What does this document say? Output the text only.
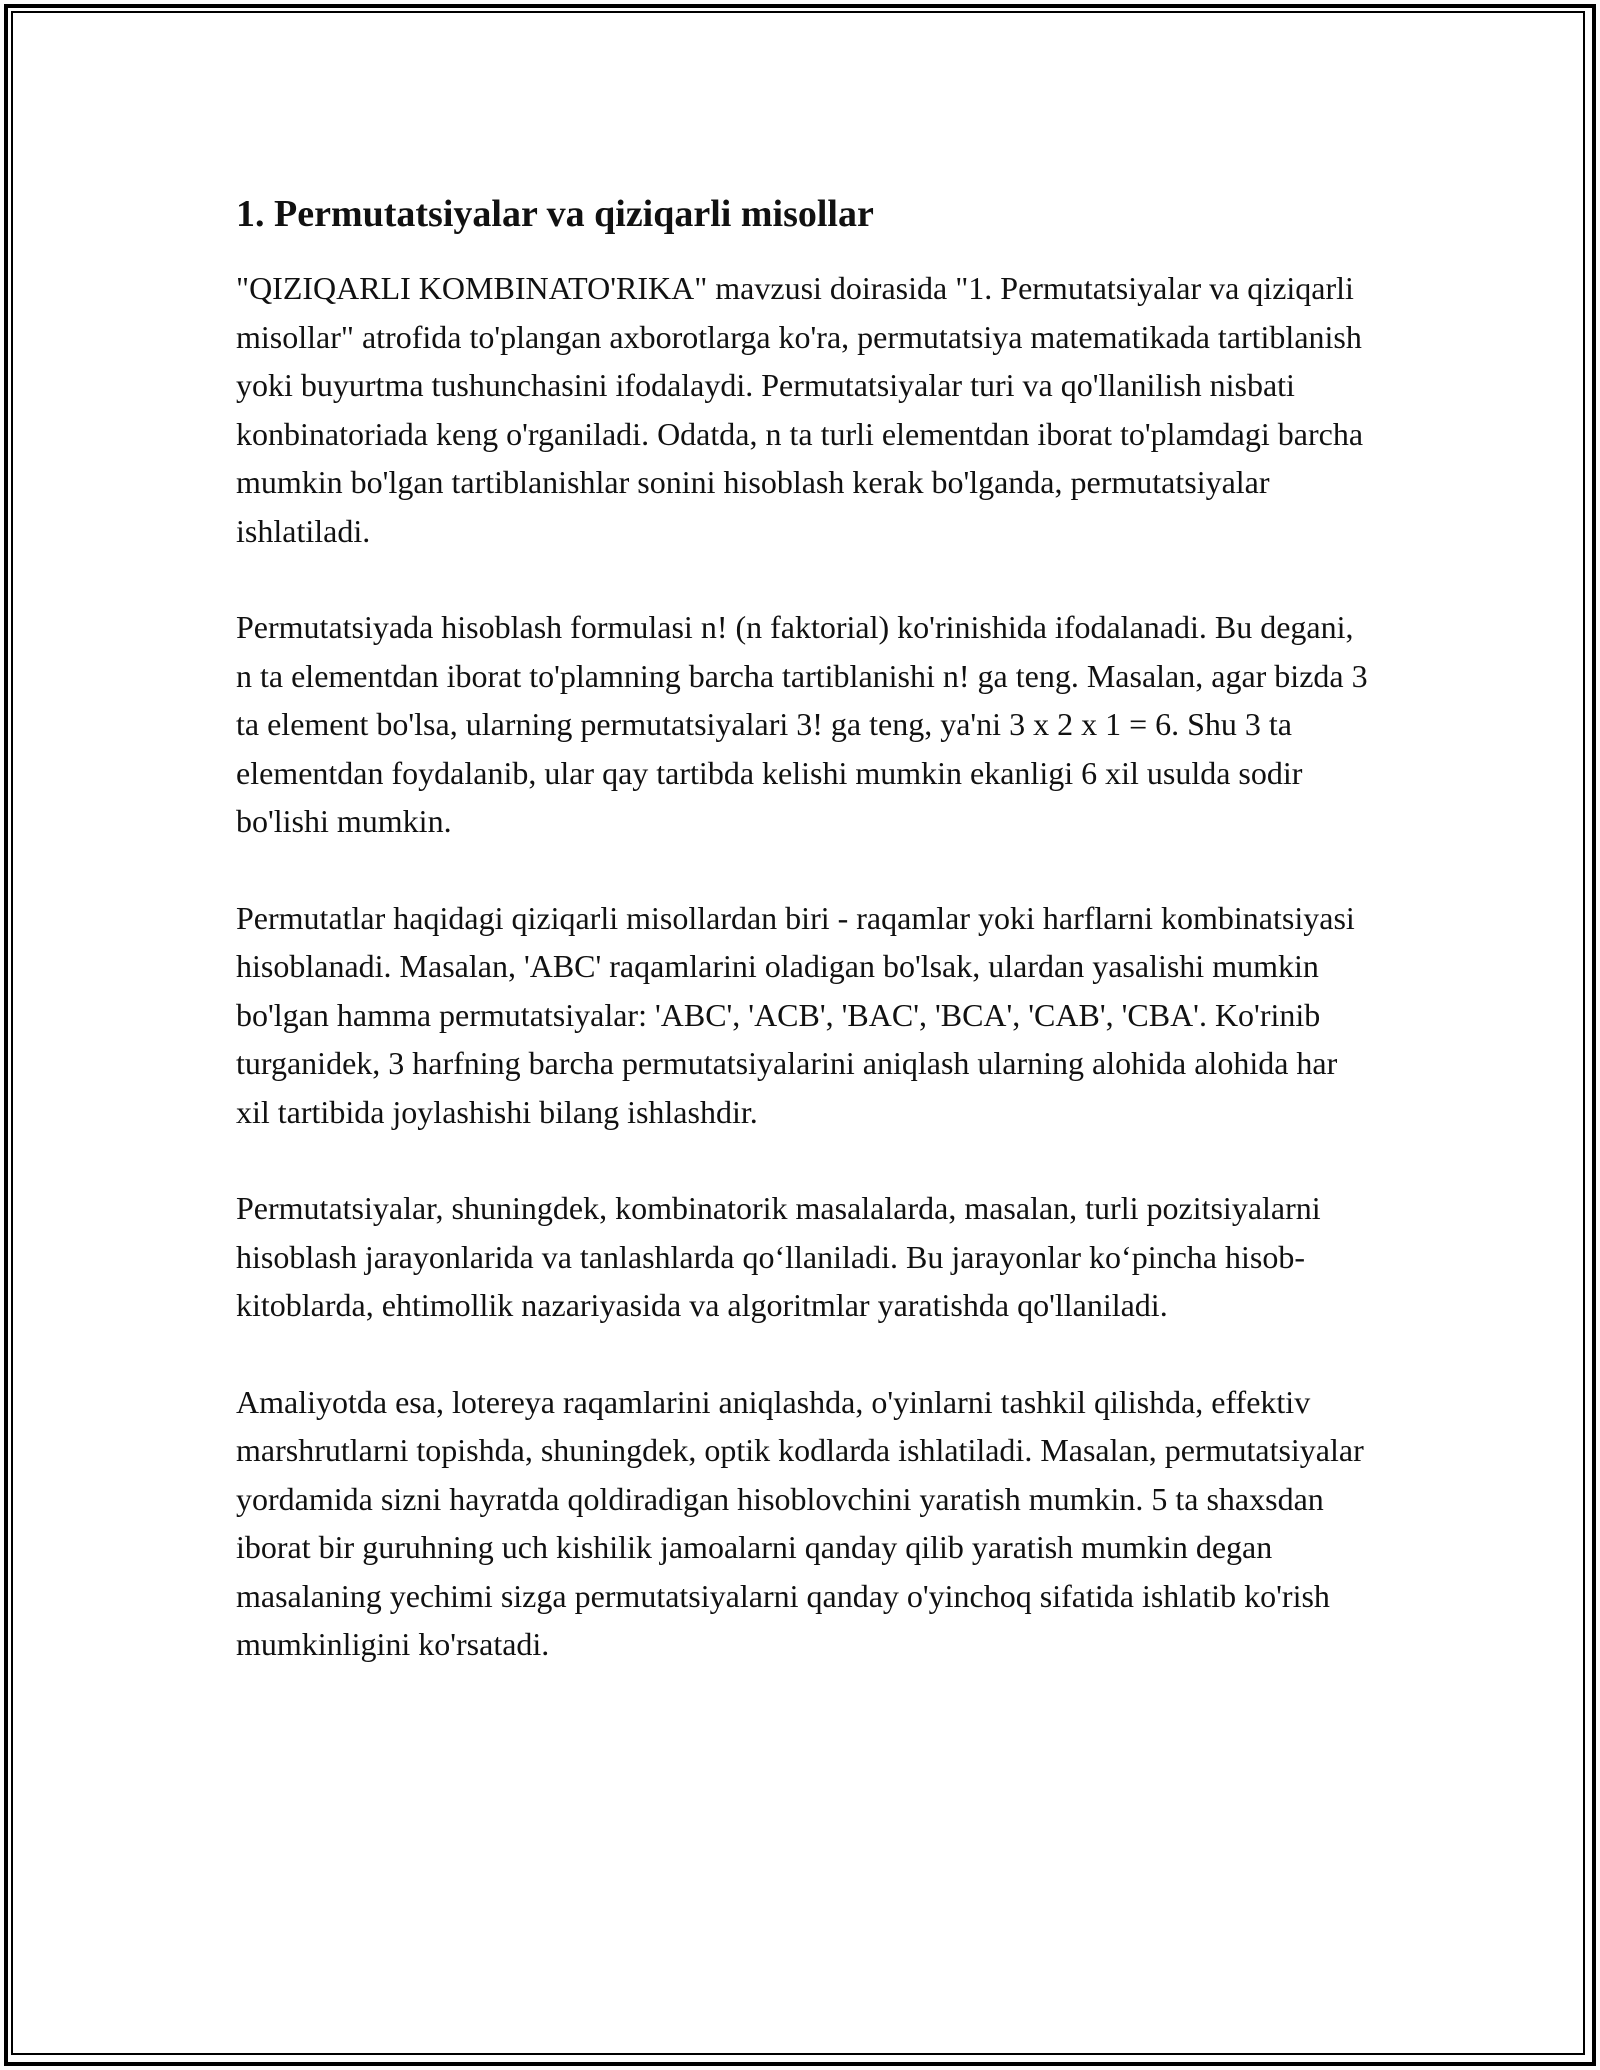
1. Permutatsiyalar va qiziqarli misollar

"QIZIQARLI KOMBINATO'RIKA" mavzusi doirasida "1. Permutatsiyalar va qiziqarli misollar" atrofida to'plangan axborotlarga ko'ra, permutatsiya matematikada tartiblanish yoki buyurtma tushunchasini ifodalaydi. Permutatsiyalar turi va qo'llanilish nisbati konbinatoriada keng o'rganiladi. Odatda, n ta turli elementdan iborat to'plamdagi barcha mumkin bo'lgan tartiblanishlar sonini hisoblash kerak bo'lganda, permutatsiyalar ishlatiladi.

Permutatsiyada hisoblash formulasi n! (n faktorial) ko'rinishida ifodalanadi. Bu degani, n ta elementdan iborat to'plamning barcha tartiblanishi n! ga teng. Masalan, agar bizda 3 ta element bo'lsa, ularning permutatsiyalari 3! ga teng, ya'ni 3 x 2 x 1 = 6. Shu 3 ta elementdan foydalanib, ular qay tartibda kelishi mumkin ekanligi 6 xil usulda sodir bo'lishi mumkin.

Permutatlar haqidagi qiziqarli misollardan biri - raqamlar yoki harflarni kombinatsiyasi hisoblanadi. Masalan, 'ABC' raqamlarini oladigan bo'lsak, ulardan yasalishi mumkin bo'lgan hamma permutatsiyalar: 'ABC', 'ACB', 'BAC', 'BCA', 'CAB', 'CBA'. Ko'rinib turganidek, 3 harfning barcha permutatsiyalarini aniqlash ularning alohida alohida har xil tartibida joylashishi bilang ishlashdir.

Permutatsiyalar, shuningdek, kombinatorik masalalarda, masalan, turli pozitsiyalarni hisoblash jarayonlarida va tanlashlarda qo‘llaniladi. Bu jarayonlar ko‘pincha hisob-kitoblarda, ehtimollik nazariyasida va algoritmlar yaratishda qo'llaniladi.

Amaliyotda esa, lotereya raqamlarini aniqlashda, o'yinlarni tashkil qilishda, effektiv marshrutlarni topishda, shuningdek, optik kodlarda ishlatiladi. Masalan, permutatsiyalar yordamida sizni hayratda qoldiradigan hisoblovchini yaratish mumkin. 5 ta shaxsdan iborat bir guruhning uch kishilik jamoalarni qanday qilib yaratish mumkin degan masalaning yechimi sizga permutatsiyalarni qanday o'yinchoq sifatida ishlatib ko'rish mumkinligini ko'rsatadi.
